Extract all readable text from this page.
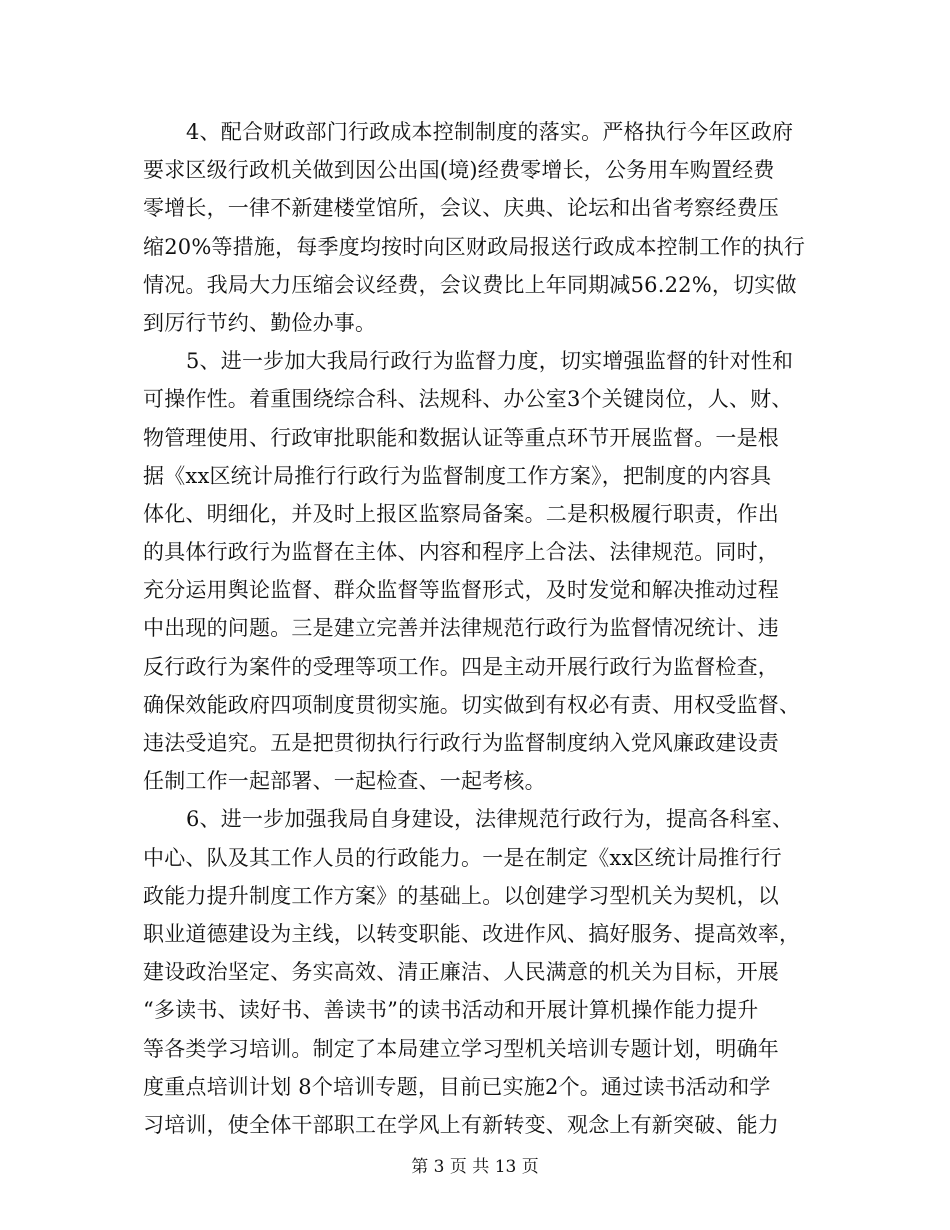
4、配合财政部门行政成本控制制度的落实。严格执行今年区政府
要求区级行政机关做到因公出国(境)经费零增长，公务用车购置经费
零增长，一律不新建楼堂馆所，会议、庆典、论坛和出省考察经费压
缩20%等措施，每季度均按时向区财政局报送行政成本控制工作的执行
情况。我局大力压缩会议经费，会议费比上年同期减56.22%，切实做
到厉行节约、勤俭办事。
5、进一步加大我局行政行为监督力度，切实增强监督的针对性和
可操作性。着重围绕综合科、法规科、办公室3个关键岗位，人、财、
物管理使用、行政审批职能和数据认证等重点环节开展监督。一是根
据《xx区统计局推行行政行为监督制度工作方案》，把制度的内容具
体化、明细化，并及时上报区监察局备案。二是积极履行职责，作出
的具体行政行为监督在主体、内容和程序上合法、法律规范。同时，
充分运用舆论监督、群众监督等监督形式，及时发觉和解决推动过程
中出现的问题。三是建立完善并法律规范行政行为监督情况统计、违
反行政行为案件的受理等项工作。四是主动开展行政行为监督检查，
确保效能政府四项制度贯彻实施。切实做到有权必有责、用权受监督、
违法受追究。五是把贯彻执行行政行为监督制度纳入党风廉政建设责
任制工作一起部署、一起检查、一起考核。
6、进一步加强我局自身建设，法律规范行政行为，提高各科室、
中心、队及其工作人员的行政能力。一是在制定《xx区统计局推行行
政能力提升制度工作方案》的基础上。以创建学习型机关为契机，以
职业道德建设为主线，以转变职能、改进作风、搞好服务、提高效率，
建设政治坚定、务实高效、清正廉洁、人民满意的机关为目标，开展
“多读书、读好书、善读书”的读书活动和开展计算机操作能力提升
等各类学习培训。制定了本局建立学习型机关培训专题计划，明确年
度重点培训计划 8个培训专题，目前已实施2个。通过读书活动和学
习培训，使全体干部职工在学风上有新转变、观念上有新突破、能力
第 3 页 共 13 页
